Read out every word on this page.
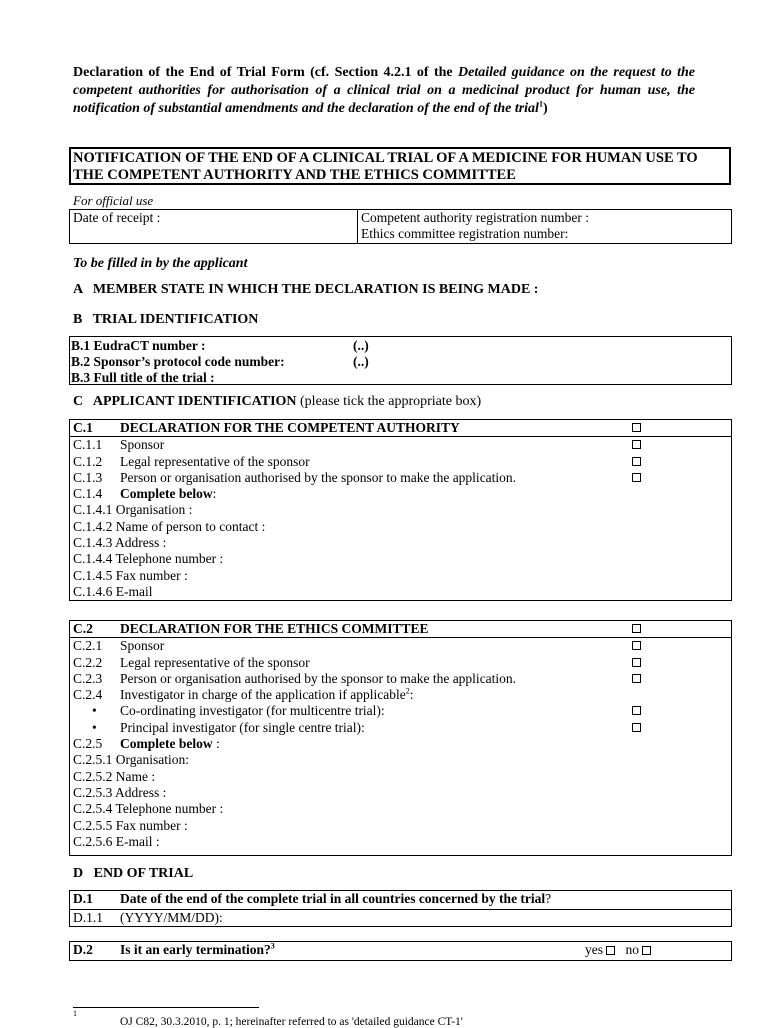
Declaration of the End of Trial Form (cf. Section 4.2.1 of the Detailed guidance on the request to the competent authorities for authorisation of a clinical trial on a medicinal product for human use, the notification of substantial amendments and the declaration of the end of the trial$^1$)
NOTIFICATION OF THE END OF A CLINICAL TRIAL OF A MEDICINE FOR HUMAN USE TO THE COMPETENT AUTHORITY AND THE ETHICS COMMITTEE
For official use
Date of receipt :	Competent authority registration number :
Ethics committee registration number:
To be filled in by the applicant
A   MEMBER STATE IN WHICH THE DECLARATION IS BEING MADE :
B   TRIAL IDENTIFICATION
B.1 EudraCT number :	(..)
B.2 Sponsor’s protocol code number:	(..)
B.3 Full title of the trial :
C   APPLICANT IDENTIFICATION (please tick the appropriate box)
C.1 DECLARATION FOR THE COMPETENT AUTHORITY
C.1.1 Sponsor
C.1.2 Legal representative of the sponsor
C.1.3 Person or organisation authorised by the sponsor to make the application.
C.1.4 Complete below:
C.1.4.1 Organisation :
C.1.4.2 Name of person to contact :
C.1.4.3 Address :
C.1.4.4 Telephone number :
C.1.4.5 Fax number :
C.1.4.6 E-mail
C.2 DECLARATION FOR THE ETHICS COMMITTEE
C.2.1 Sponsor
C.2.2 Legal representative of the sponsor
C.2.3 Person or organisation authorised by the sponsor to make the application.
C.2.4 Investigator in charge of the application if applicable$^2$:
• Co-ordinating investigator (for multicentre trial):
• Principal investigator (for single centre trial):
C.2.5 Complete below :
C.2.5.1 Organisation:
C.2.5.2 Name :
C.2.5.3 Address :
C.2.5.4 Telephone number :
C.2.5.5 Fax number :
C.2.5.6 E-mail :
D   END OF TRIAL
D.1 Date of the end of the complete trial in all countries concerned by the trial?
D.1.1 (YYYY/MM/DD):
D.2 Is it an early termination?$^3$	yes no
$^1$
OJ C82, 30.3.2010, p. 1; hereinafter referred to as 'detailed guidance CT-1'
